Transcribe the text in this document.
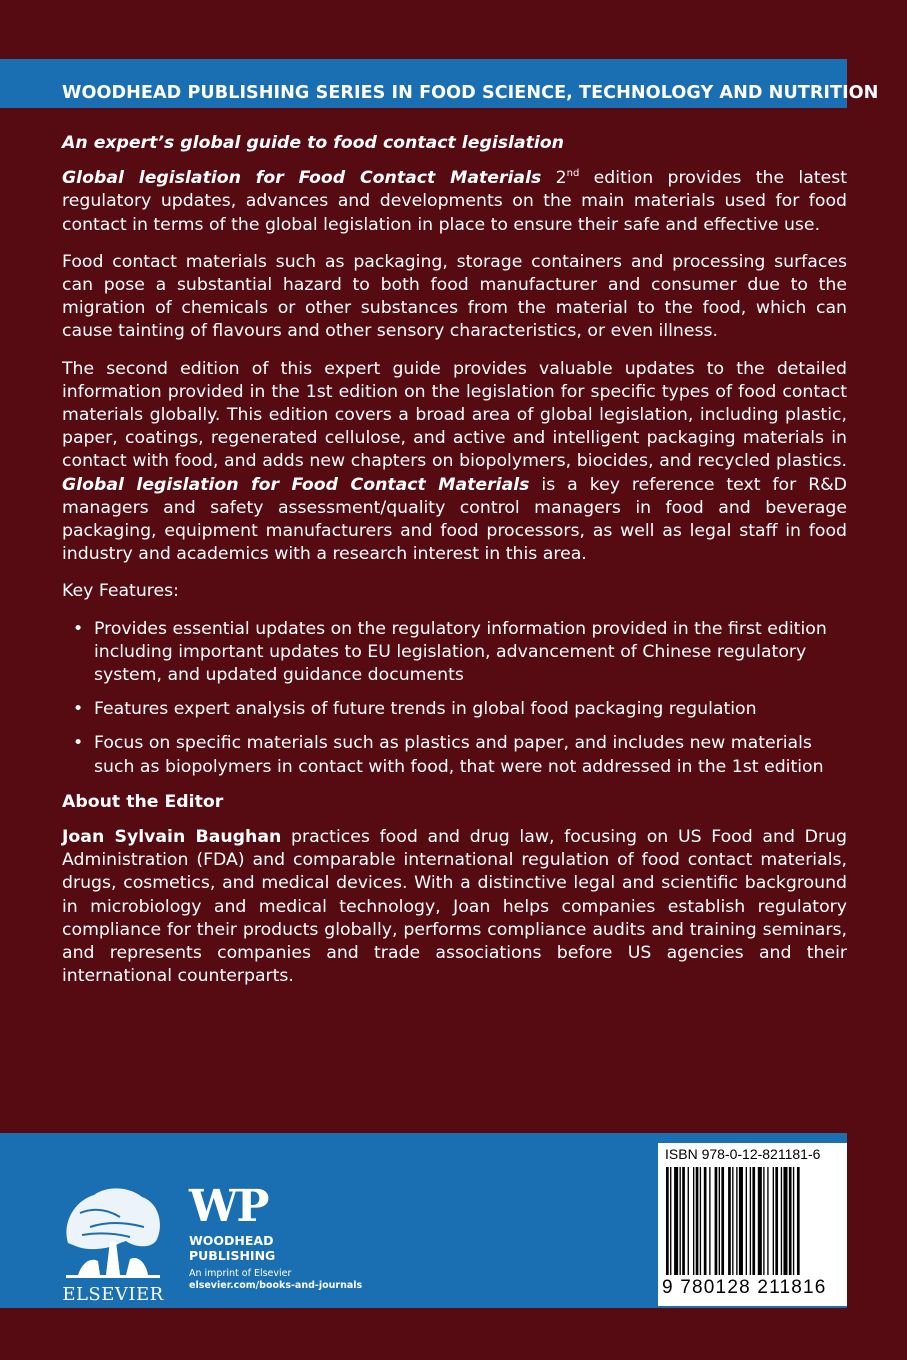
WOODHEAD PUBLISHING SERIES IN FOOD SCIENCE, TECHNOLOGY AND NUTRITION

An expert’s global guide to food contact legislation

Global legislation for Food Contact Materials 2nd edition provides the latest regulatory updates, advances and developments on the main materials used for food contact in terms of the global legislation in place to ensure their safe and effective use.

Food contact materials such as packaging, storage containers and processing surfaces can pose a substantial hazard to both food manufacturer and consumer due to the migration of chemicals or other substances from the material to the food, which can cause tainting of flavours and other sensory characteristics, or even illness.

The second edition of this expert guide provides valuable updates to the detailed information provided in the 1st edition on the legislation for specific types of food contact materials globally. This edition covers a broad area of global legislation, including plastic, paper, coatings, regenerated cellulose, and active and intelligent packaging materials in contact with food, and adds new chapters on biopolymers, biocides, and recycled plastics. Global legislation for Food Contact Materials is a key reference text for R&D managers and safety assessment/quality control managers in food and beverage packaging, equipment manufacturers and food processors, as well as legal staff in food industry and academics with a research interest in this area.

Key Features:

• Provides essential updates on the regulatory information provided in the first edition including important updates to EU legislation, advancement of Chinese regulatory system, and updated guidance documents
• Features expert analysis of future trends in global food packaging regulation
• Focus on specific materials such as plastics and paper, and includes new materials such as biopolymers in contact with food, that were not addressed in the 1st edition

About the Editor

Joan Sylvain Baughan practices food and drug law, focusing on US Food and Drug Administration (FDA) and comparable international regulation of food contact materials, drugs, cosmetics, and medical devices. With a distinctive legal and scientific background in microbiology and medical technology, Joan helps companies establish regulatory compliance for their products globally, performs compliance audits and training seminars, and represents companies and trade associations before US agencies and their international counterparts.

ELSEVIER
WP
WOODHEAD
PUBLISHING
An imprint of Elsevier
elsevier.com/books-and-journals
ISBN 978-0-12-821181-6
9 780128 211816
